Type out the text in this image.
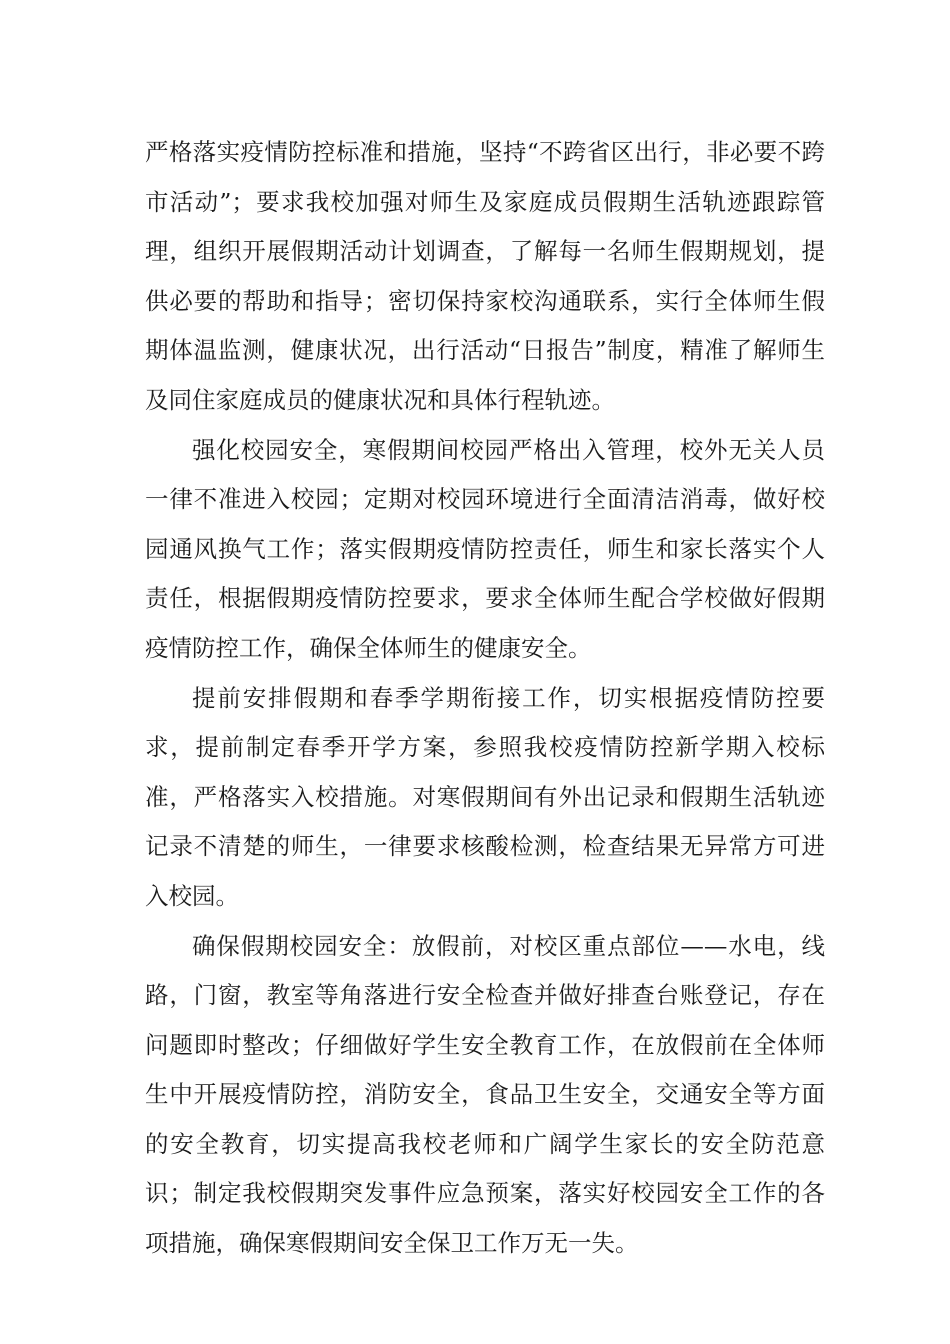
严格落实疫情防控标准和措施，坚持“不跨省区出行，非必要不跨市活动”；要求我校加强对师生及家庭成员假期生活轨迹跟踪管理，组织开展假期活动计划调查，了解每一名师生假期规划，提供必要的帮助和指导；密切保持家校沟通联系，实行全体师生假期体温监测，健康状况，出行活动“日报告”制度，精准了解师生及同住家庭成员的健康状况和具体行程轨迹。

强化校园安全，寒假期间校园严格出入管理，校外无关人员一律不准进入校园；定期对校园环境进行全面清洁消毒，做好校园通风换气工作；落实假期疫情防控责任，师生和家长落实个人责任，根据假期疫情防控要求，要求全体师生配合学校做好假期疫情防控工作，确保全体师生的健康安全。

提前安排假期和春季学期衔接工作，切实根据疫情防控要求，提前制定春季开学方案，参照我校疫情防控新学期入校标准，严格落实入校措施。对寒假期间有外出记录和假期生活轨迹记录不清楚的师生，一律要求核酸检测，检查结果无异常方可进入校园。

确保假期校园安全：放假前，对校区重点部位——水电，线路，门窗，教室等角落进行安全检查并做好排查台账登记，存在问题即时整改；仔细做好学生安全教育工作，在放假前在全体师生中开展疫情防控，消防安全，食品卫生安全，交通安全等方面的安全教育，切实提高我校老师和广阔学生家长的安全防范意识；制定我校假期突发事件应急预案，落实好校园安全工作的各项措施，确保寒假期间安全保卫工作万无一失。
